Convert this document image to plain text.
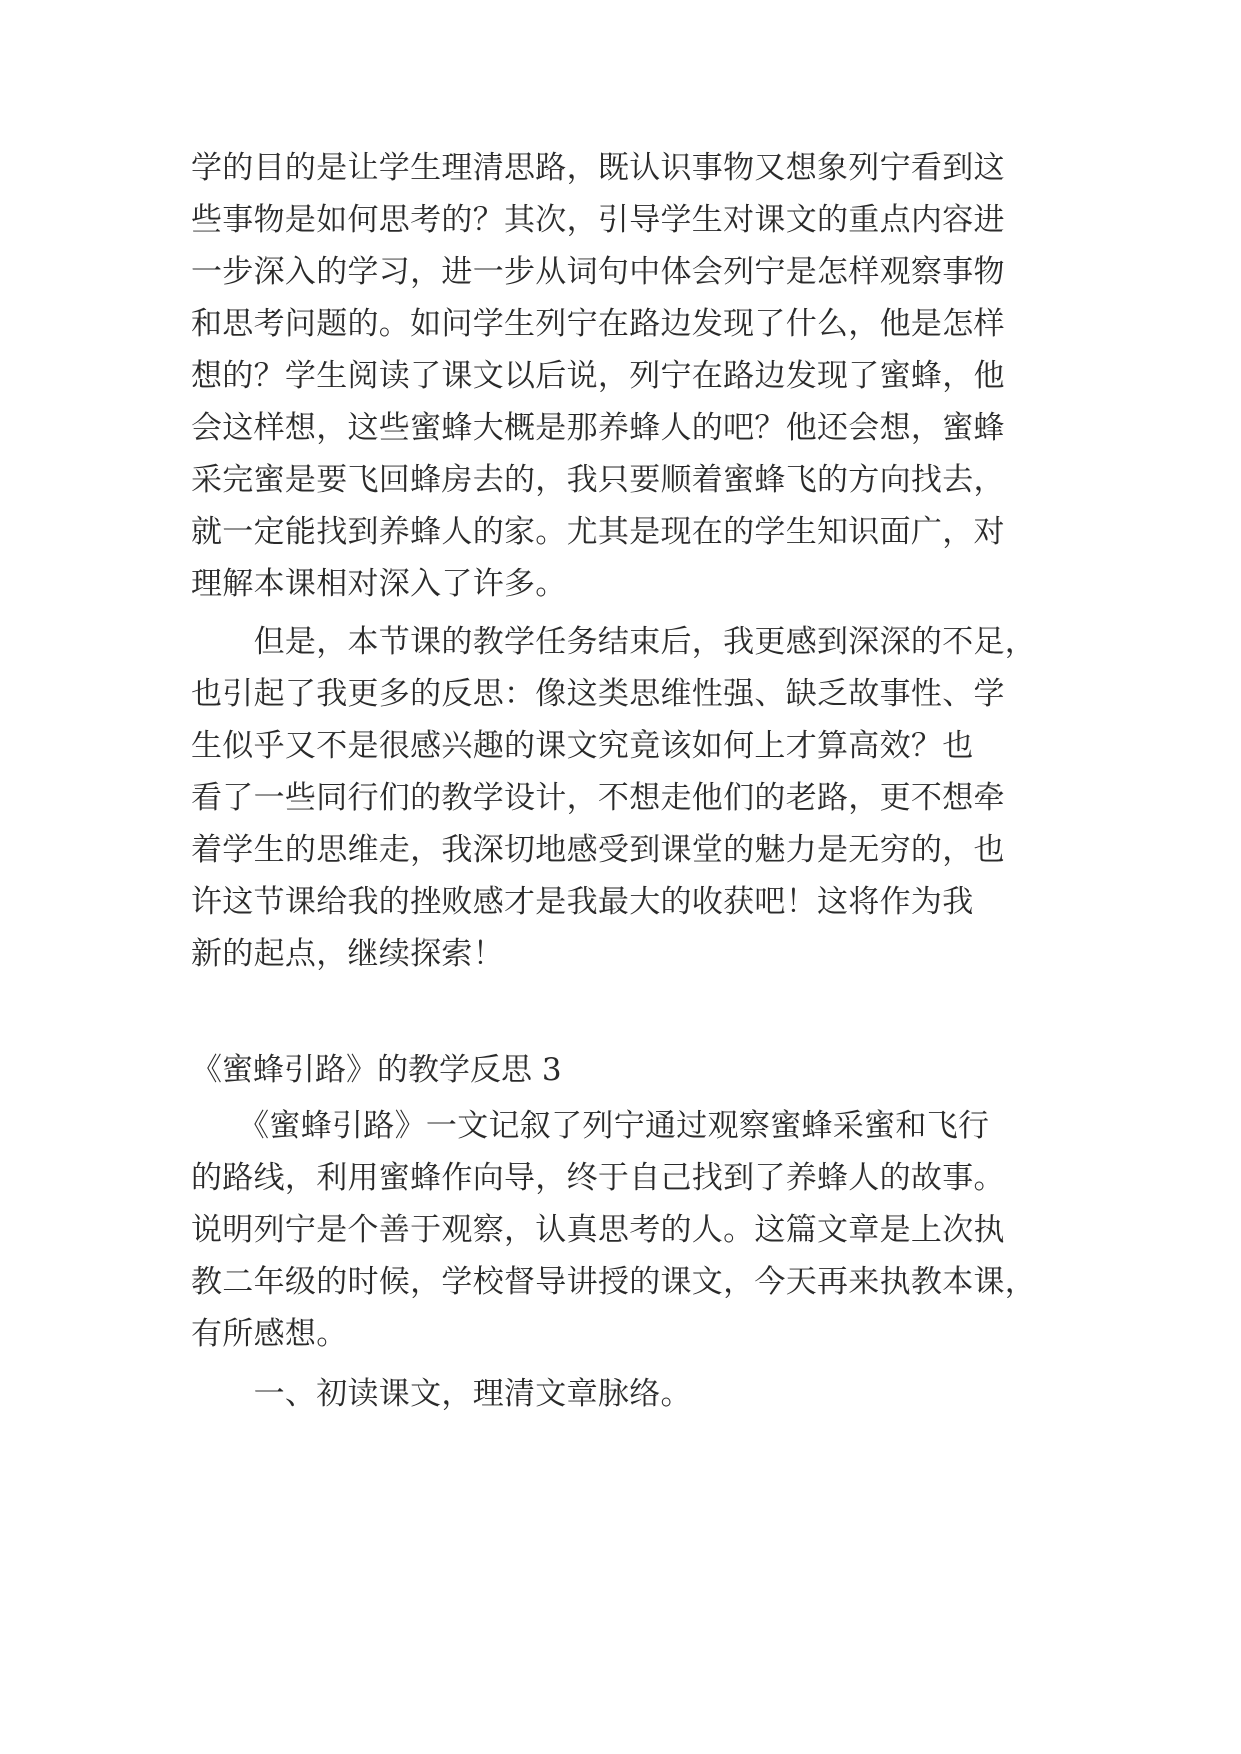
学的目的是让学生理清思路，既认识事物又想象列宁看到这
些事物是如何思考的？其次，引导学生对课文的重点内容进
一步深入的学习，进一步从词句中体会列宁是怎样观察事物
和思考问题的。如问学生列宁在路边发现了什么，他是怎样
想的？学生阅读了课文以后说，列宁在路边发现了蜜蜂，他
会这样想，这些蜜蜂大概是那养蜂人的吧？他还会想，蜜蜂
采完蜜是要飞回蜂房去的，我只要顺着蜜蜂飞的方向找去，
就一定能找到养蜂人的家。尤其是现在的学生知识面广，对
理解本课相对深入了许多。
　　但是，本节课的教学任务结束后，我更感到深深的不足，
也引起了我更多的反思：像这类思维性强、缺乏故事性、学
生似乎又不是很感兴趣的课文究竟该如何上才算高效？也
看了一些同行们的教学设计，不想走他们的老路，更不想牵
着学生的思维走，我深切地感受到课堂的魅力是无穷的，也
许这节课给我的挫败感才是我最大的收获吧！这将作为我
新的起点，继续探索！
《蜜蜂引路》的教学反思 3
　　《蜜蜂引路》一文记叙了列宁通过观察蜜蜂采蜜和飞行
的路线，利用蜜蜂作向导，终于自己找到了养蜂人的故事。
说明列宁是个善于观察，认真思考的人。这篇文章是上次执
教二年级的时候，学校督导讲授的课文，今天再来执教本课，
有所感想。
　　一、初读课文，理清文章脉络。
